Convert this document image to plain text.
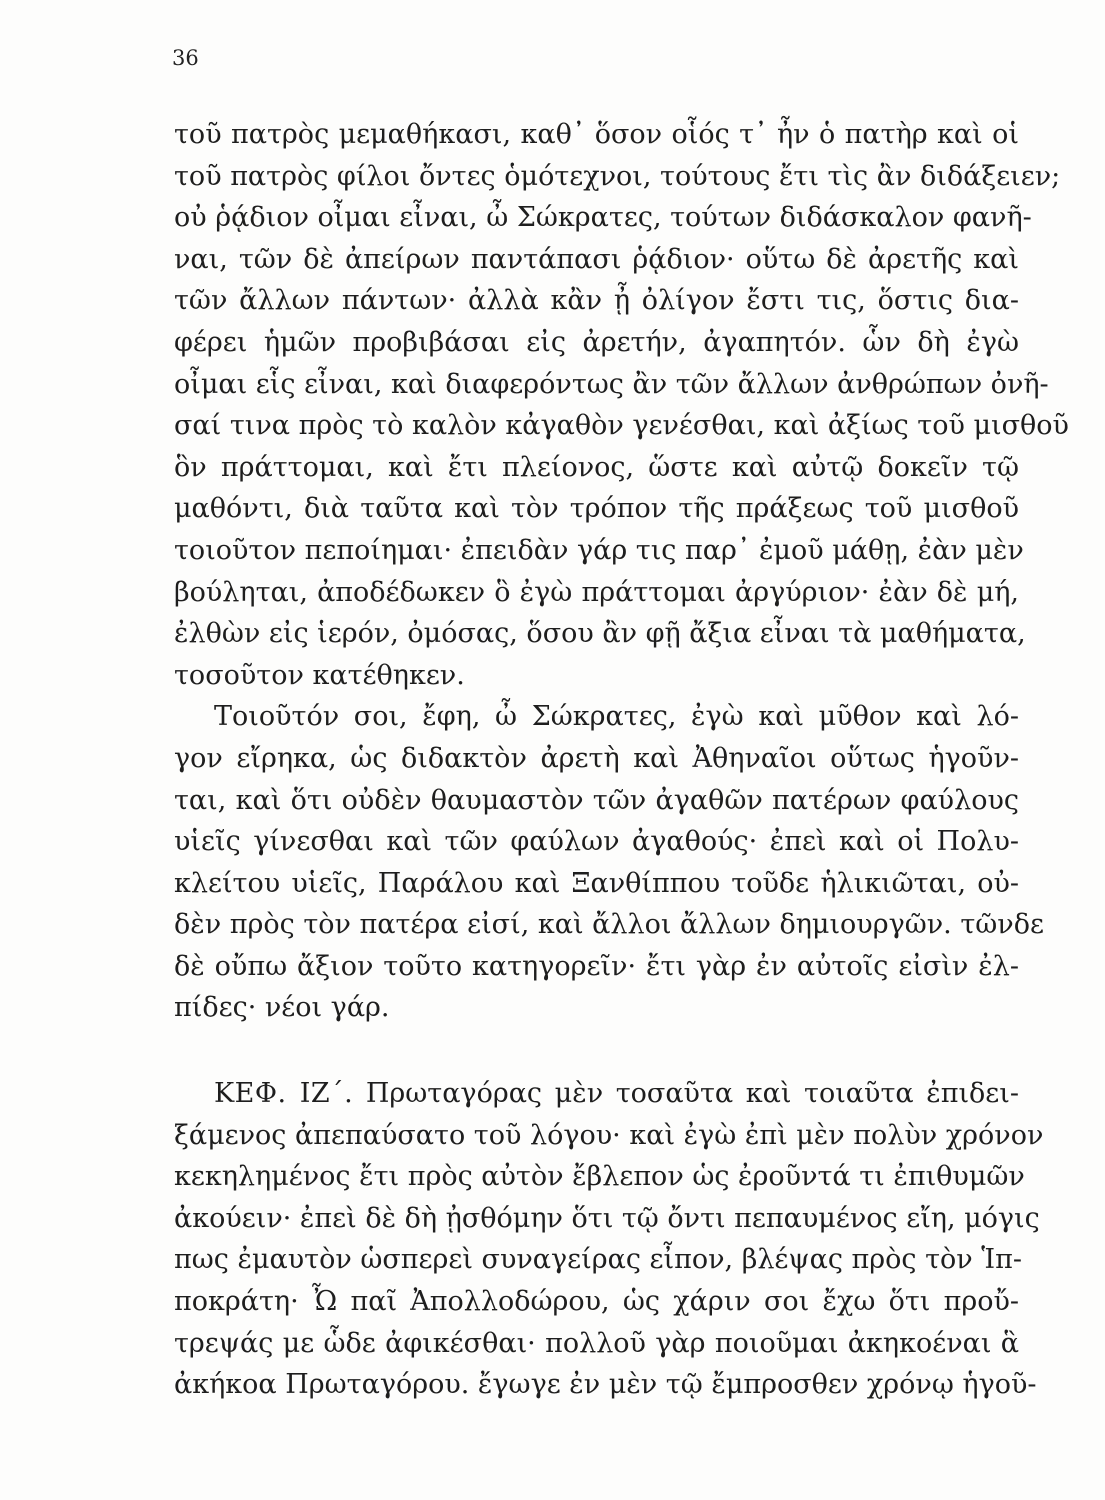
36
τοῦ πατρὸς μεμαθήκασι, καθ᾽ ὅσον οἷός τ᾽ ἦν ὁ πατὴρ καὶ οἱ
τοῦ πατρὸς φίλοι ὄντες ὁμότεχνοι, τούτους ἔτι τὶς ἂν διδάξειεν;
οὐ ῥᾴδιον οἶμαι εἶναι, ὦ Σώκρατες, τούτων διδάσκαλον φανῆ-
ναι, τῶν δὲ ἀπείρων παντάπασι ῥᾴδιον· οὕτω δὲ ἀρετῆς καὶ
τῶν ἄλλων πάντων· ἀλλὰ κἂν ᾖ ὀλίγον ἔστι τις, ὅστις δια-
φέρει ἡμῶν προβιβάσαι εἰς ἀρετήν, ἀγαπητόν. ὧν δὴ ἐγὼ
οἶμαι εἷς εἶναι, καὶ διαφερόντως ἂν τῶν ἄλλων ἀνθρώπων ὀνῆ-
σαί τινα πρὸς τὸ καλὸν κἀγαθὸν γενέσθαι, καὶ ἀξίως τοῦ μισθοῦ
ὃν πράττομαι, καὶ ἔτι πλείονος, ὥστε καὶ αὐτῷ δοκεῖν τῷ
μαθόντι, διὰ ταῦτα καὶ τὸν τρόπον τῆς πράξεως τοῦ μισθοῦ
τοιοῦτον πεποίημαι· ἐπειδὰν γάρ τις παρ᾽ ἐμοῦ μάθῃ, ἐὰν μὲν
βούληται, ἀποδέδωκεν ὃ ἐγὼ πράττομαι ἀργύριον· ἐὰν δὲ μή,
ἐλθὼν εἰς ἱερόν, ὀμόσας, ὅσου ἂν φῇ ἄξια εἶναι τὰ μαθήματα,
τοσοῦτον κατέθηκεν.
Τοιοῦτόν σοι, ἔφη, ὦ Σώκρατες, ἐγὼ καὶ μῦθον καὶ λό-
γον εἴρηκα, ὡς διδακτὸν ἀρετὴ καὶ Ἀθηναῖοι οὕτως ἡγοῦν-
ται, καὶ ὅτι οὐδὲν θαυμαστὸν τῶν ἀγαθῶν πατέρων φαύλους
υἱεῖς γίνεσθαι καὶ τῶν φαύλων ἀγαθούς· ἐπεὶ καὶ οἱ Πολυ-
κλείτου υἱεῖς, Παράλου καὶ Ξανθίππου τοῦδε ἡλικιῶται, οὐ-
δὲν πρὸς τὸν πατέρα εἰσί, καὶ ἄλλοι ἄλλων δημιουργῶν. τῶνδε
δὲ οὔπω ἄξιον τοῦτο κατηγορεῖν· ἔτι γὰρ ἐν αὐτοῖς εἰσὶν ἐλ-
πίδες· νέοι γάρ.
ΚΕΦ. ΙΖ΄. Πρωταγόρας μὲν τοσαῦτα καὶ τοιαῦτα ἐπιδει-
ξάμενος ἀπεπαύσατο τοῦ λόγου· καὶ ἐγὼ ἐπὶ μὲν πολὺν χρόνον
κεκηλημένος ἔτι πρὸς αὐτὸν ἔβλεπον ὡς ἐροῦντά τι ἐπιθυμῶν
ἀκούειν· ἐπεὶ δὲ δὴ ᾐσθόμην ὅτι τῷ ὄντι πεπαυμένος εἴη, μόγις
πως ἐμαυτὸν ὡσπερεὶ συναγείρας εἶπον, βλέψας πρὸς τὸν Ἱπ-
ποκράτη· Ὦ παῖ Ἀπολλοδώρου, ὡς χάριν σοι ἔχω ὅτι προὔ-
τρεψάς με ὧδε ἀφικέσθαι· πολλοῦ γὰρ ποιοῦμαι ἀκηκοέναι ἃ
ἀκήκοα Πρωταγόρου. ἔγωγε ἐν μὲν τῷ ἔμπροσθεν χρόνῳ ἡγοῦ-
